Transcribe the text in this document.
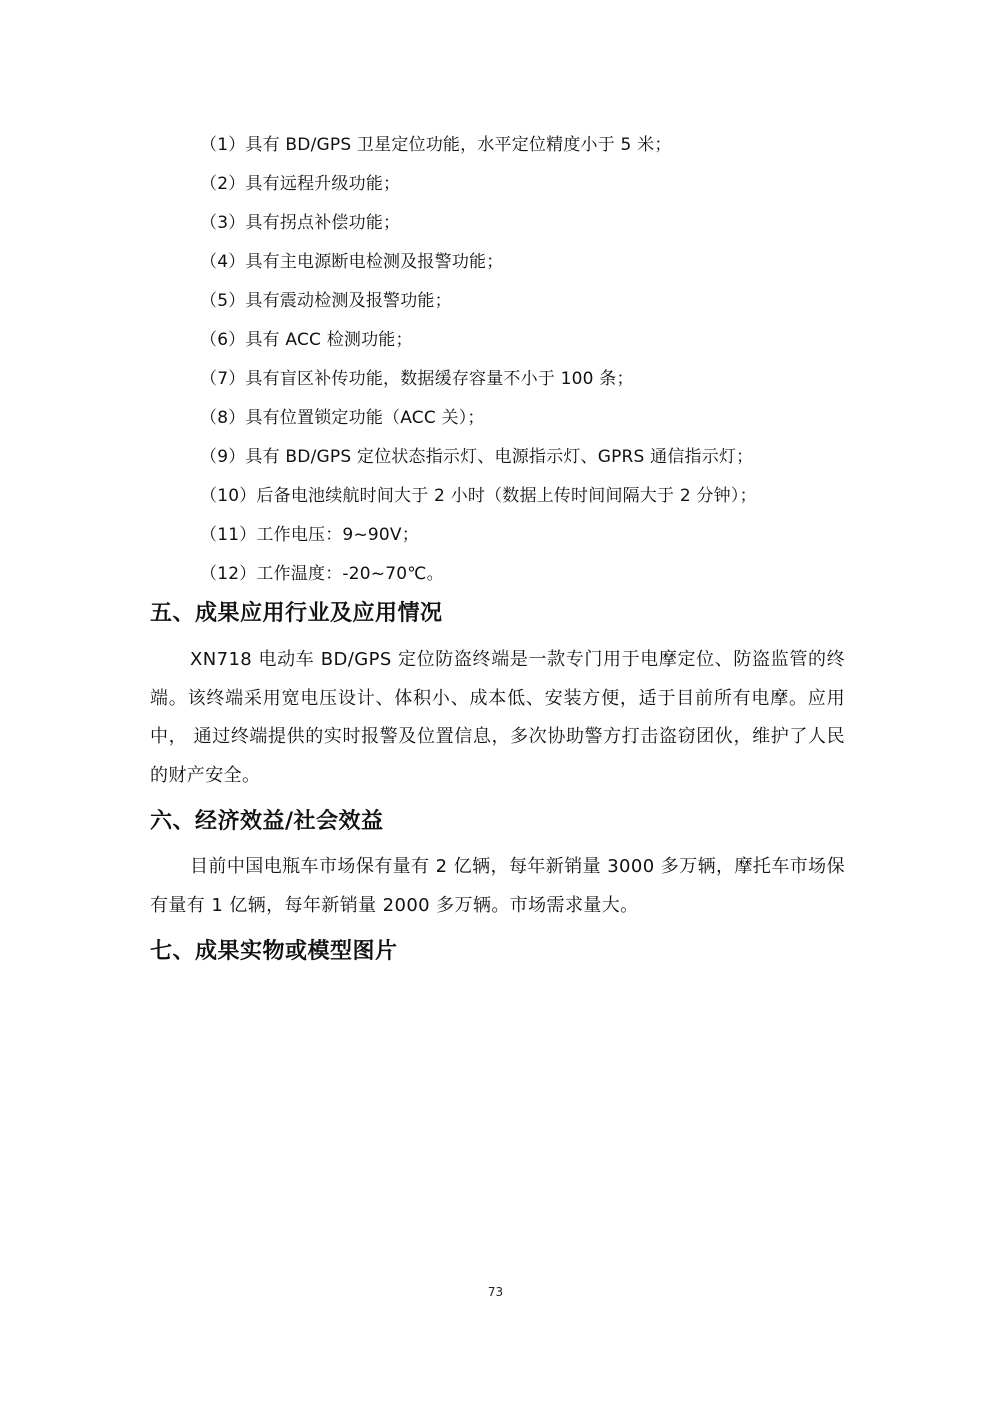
（1）具有 BD/GPS 卫星定位功能，水平定位精度小于 5 米；
（2）具有远程升级功能；
（3）具有拐点补偿功能；
（4）具有主电源断电检测及报警功能；
（5）具有震动检测及报警功能；
（6）具有 ACC 检测功能；
（7）具有盲区补传功能，数据缓存容量不小于 100 条；
（8）具有位置锁定功能（ACC 关）；
（9）具有 BD/GPS 定位状态指示灯、电源指示灯、GPRS 通信指示灯；
（10）后备电池续航时间大于 2 小时（数据上传时间间隔大于 2 分钟）；
（11）工作电压：9~90V；
（12）工作温度：-20~70℃。
五、成果应用行业及应用情况

XN718 电动车 BD/GPS 定位防盗终端是一款专门用于电摩定位、防盗监管的终端。该终端采用宽电压设计、体积小、成本低、安装方便，适于目前所有电摩。应用中， 通过终端提供的实时报警及位置信息，多次协助警方打击盗窃团伙，维护了人民的财产安全。

六、经济效益/社会效益

目前中国电瓶车市场保有量有 2 亿辆，每年新销量 3000 多万辆，摩托车市场保有量有 1 亿辆，每年新销量 2000 多万辆。市场需求量大。

七、成果实物或模型图片
73
